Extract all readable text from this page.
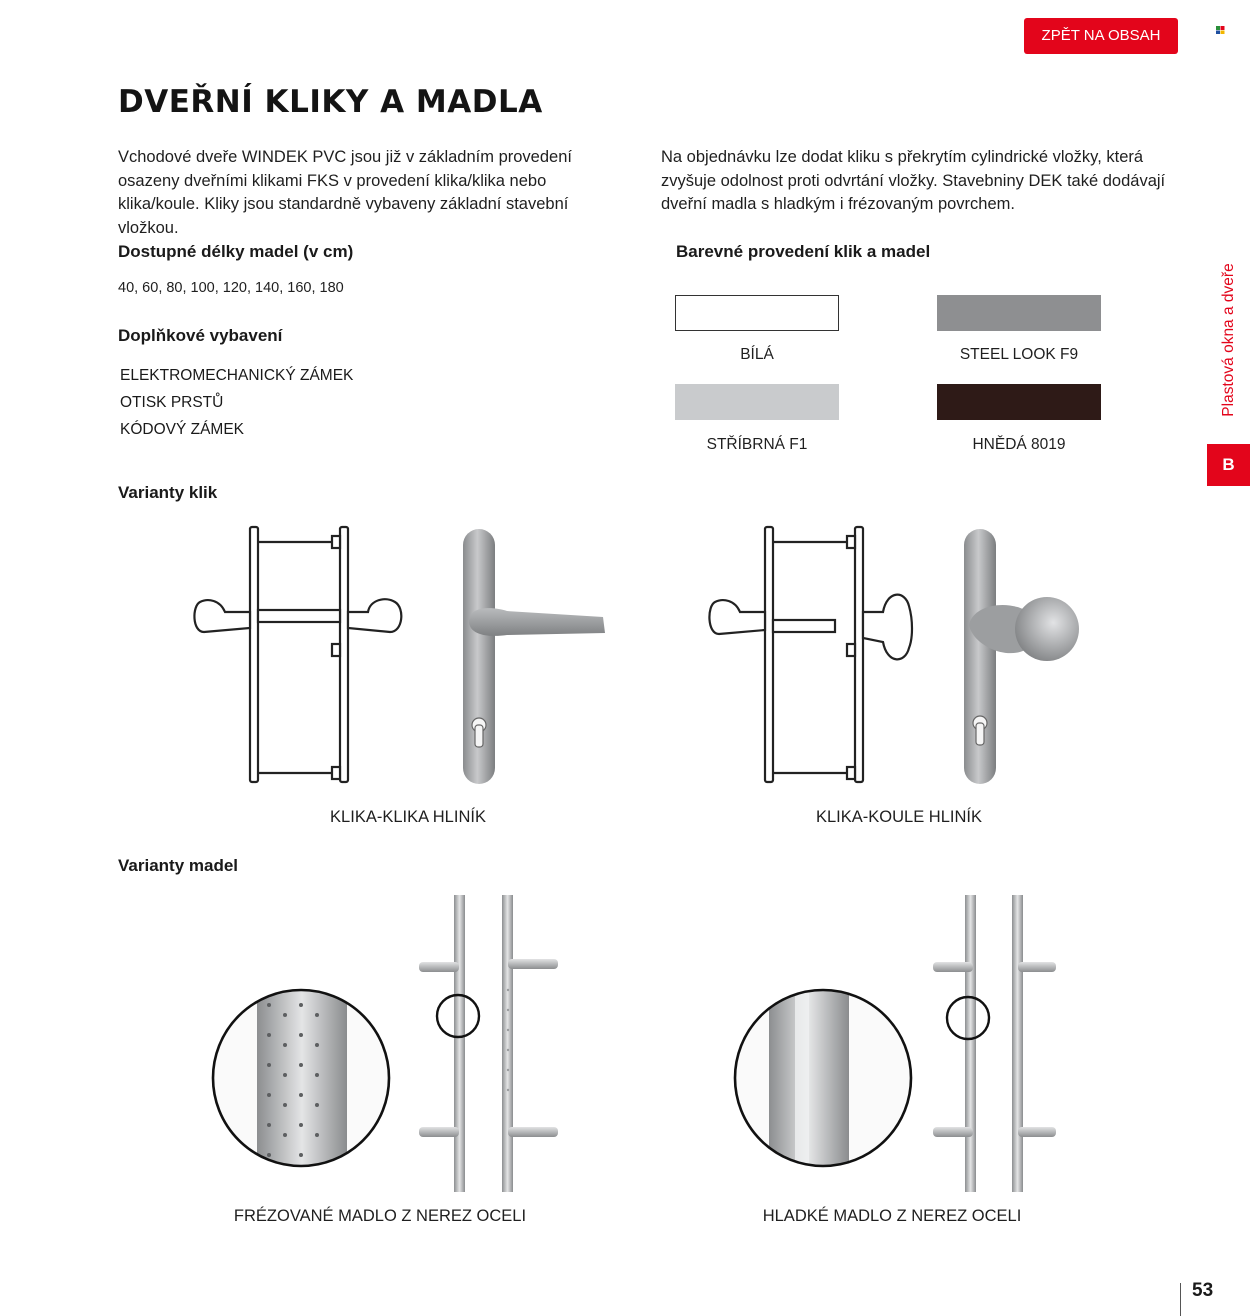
ZPĚT NA OBSAH
DVEŘNÍ KLIKY A MADLA

Vchodové dveře WINDEK PVC jsou již v základním provedení osazeny dveřními klikami FKS v provedení klika/klika nebo klika/koule. Kliky jsou standardně vybaveny základní stavební vložkou.

Na objednávku lze dodat kliku s překrytím cylindrické vložky, která zvyšuje odolnost proti odvrtání vložky. Stavebniny DEK také dodávají dveřní madla s hladkým i frézovaným povrchem.

Dostupné délky madel (v cm)
40, 60, 80, 100, 120, 140, 160, 180
Doplňkové vybavení
ELEKTROMECHANICKÝ ZÁMEK
OTISK PRSTŮ
KÓDOVÝ ZÁMEK
Barevné provedení klik a madel
BÍLÁ	STEEL LOOK F9
STŘÍBRNÁ F1	HNĚDÁ 8019
Varianty klik
KLIKA-KLIKA HLINÍK	KLIKA-KOULE HLINÍK
Varianty madel
FRÉZOVANÉ MADLO Z NEREZ OCELI	HLADKÉ MADLO Z NEREZ OCELI
Plastová okna a dveře
B
53
